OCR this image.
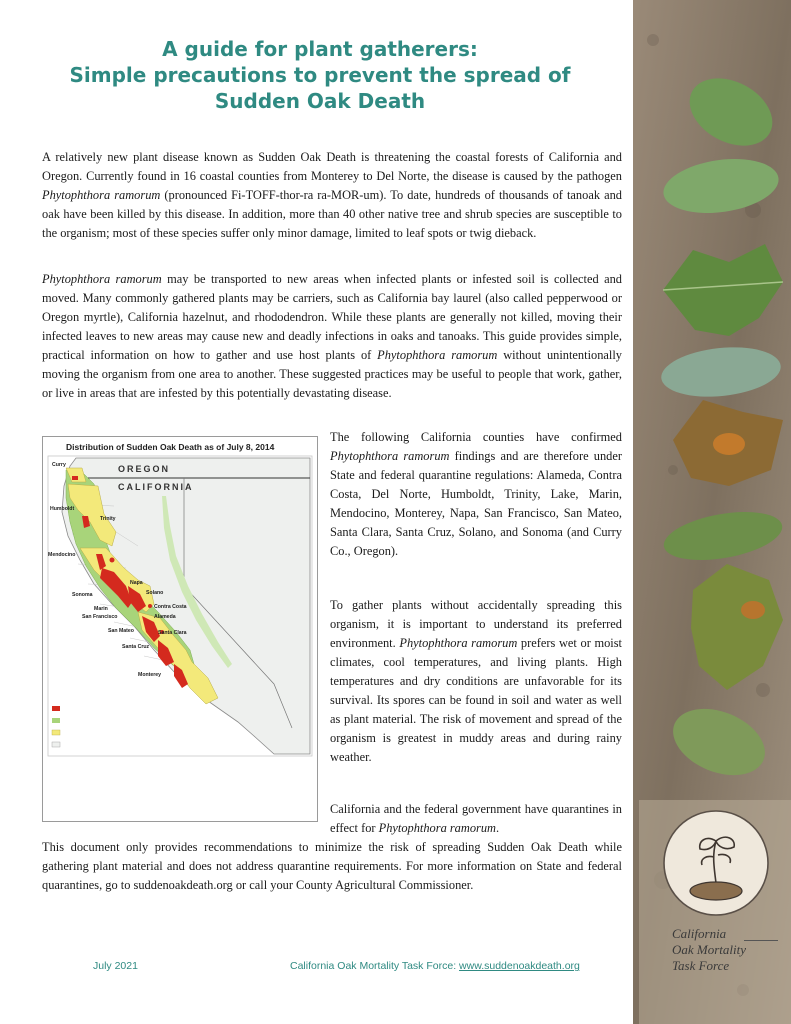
A guide for plant gatherers:
Simple precautions to prevent the spread of
Sudden Oak Death

A relatively new plant disease known as Sudden Oak Death is threatening the coastal forests of California and Oregon. Currently found in 16 coastal counties from Monterey to Del Norte, the disease is caused by the pathogen Phytophthora ramorum (pronounced Fi-TOFF-thor-ra ra-MOR-um). To date, hundreds of thousands of tanoak and oak have been killed by this disease. In addition, more than 40 other native tree and shrub species are susceptible to the organism; most of these species suffer only minor damage, limited to leaf spots or twig dieback.

Phytophthora ramorum may be transported to new areas when infected plants or infested soil is collected and moved. Many commonly gathered plants may be carriers, such as California bay laurel (also called pepperwood or Oregon myrtle), California hazelnut, and rhododendron. While these plants are generally not killed, moving their infected leaves to new areas may cause new and deadly infections in oaks and tanoaks. This guide provides simple, practical information on how to gather and use host plants of Phytophthora ramorum without unintentionally moving the organism from one area to another. These suggested practices may be useful to people that work, gather, or live in areas that are infested by this potentially devastating disease.

Distribution of Sudden Oak Death as of July 8, 2014
OREGON
CALIFORNIA
Curry
Humboldt
Trinity
Mendocino
Sonoma
Napa
Solano
Marin
San Francisco
Contra Costa
Alameda
San Mateo	Santa Clara
Santa Cruz
Monterey

The following California counties have confirmed Phytophthora ramorum findings and are therefore under State and federal quarantine regulations: Alameda, Contra Costa, Del Norte, Humboldt, Trinity, Lake, Marin, Mendocino, Monterey, Napa, San Francisco, San Mateo, Santa Clara, Santa Cruz, Solano, and Sonoma (and Curry Co., Oregon).

To gather plants without accidentally spreading this organism, it is important to understand its preferred environment. Phytophthora ramorum prefers wet or moist climates, cool temperatures, and living plants. High temperatures and dry conditions are unfavorable for its survival. Its spores can be found in soil and water as well as plant material. The risk of movement and spread of the organism is greatest in muddy areas and during rainy weather.

California and the federal government have quarantines in effect for Phytophthora ramorum.

This document only provides recommendations to minimize the risk of spreading Sudden Oak Death while gathering plant material and does not address quarantine requirements. For more information on State and federal quarantines, go to suddenoakdeath.org or call your County Agricultural Commissioner.

California
Oak Mortality
Task Force

July 2021	California Oak Mortality Task Force: www.suddenoakdeath.org
